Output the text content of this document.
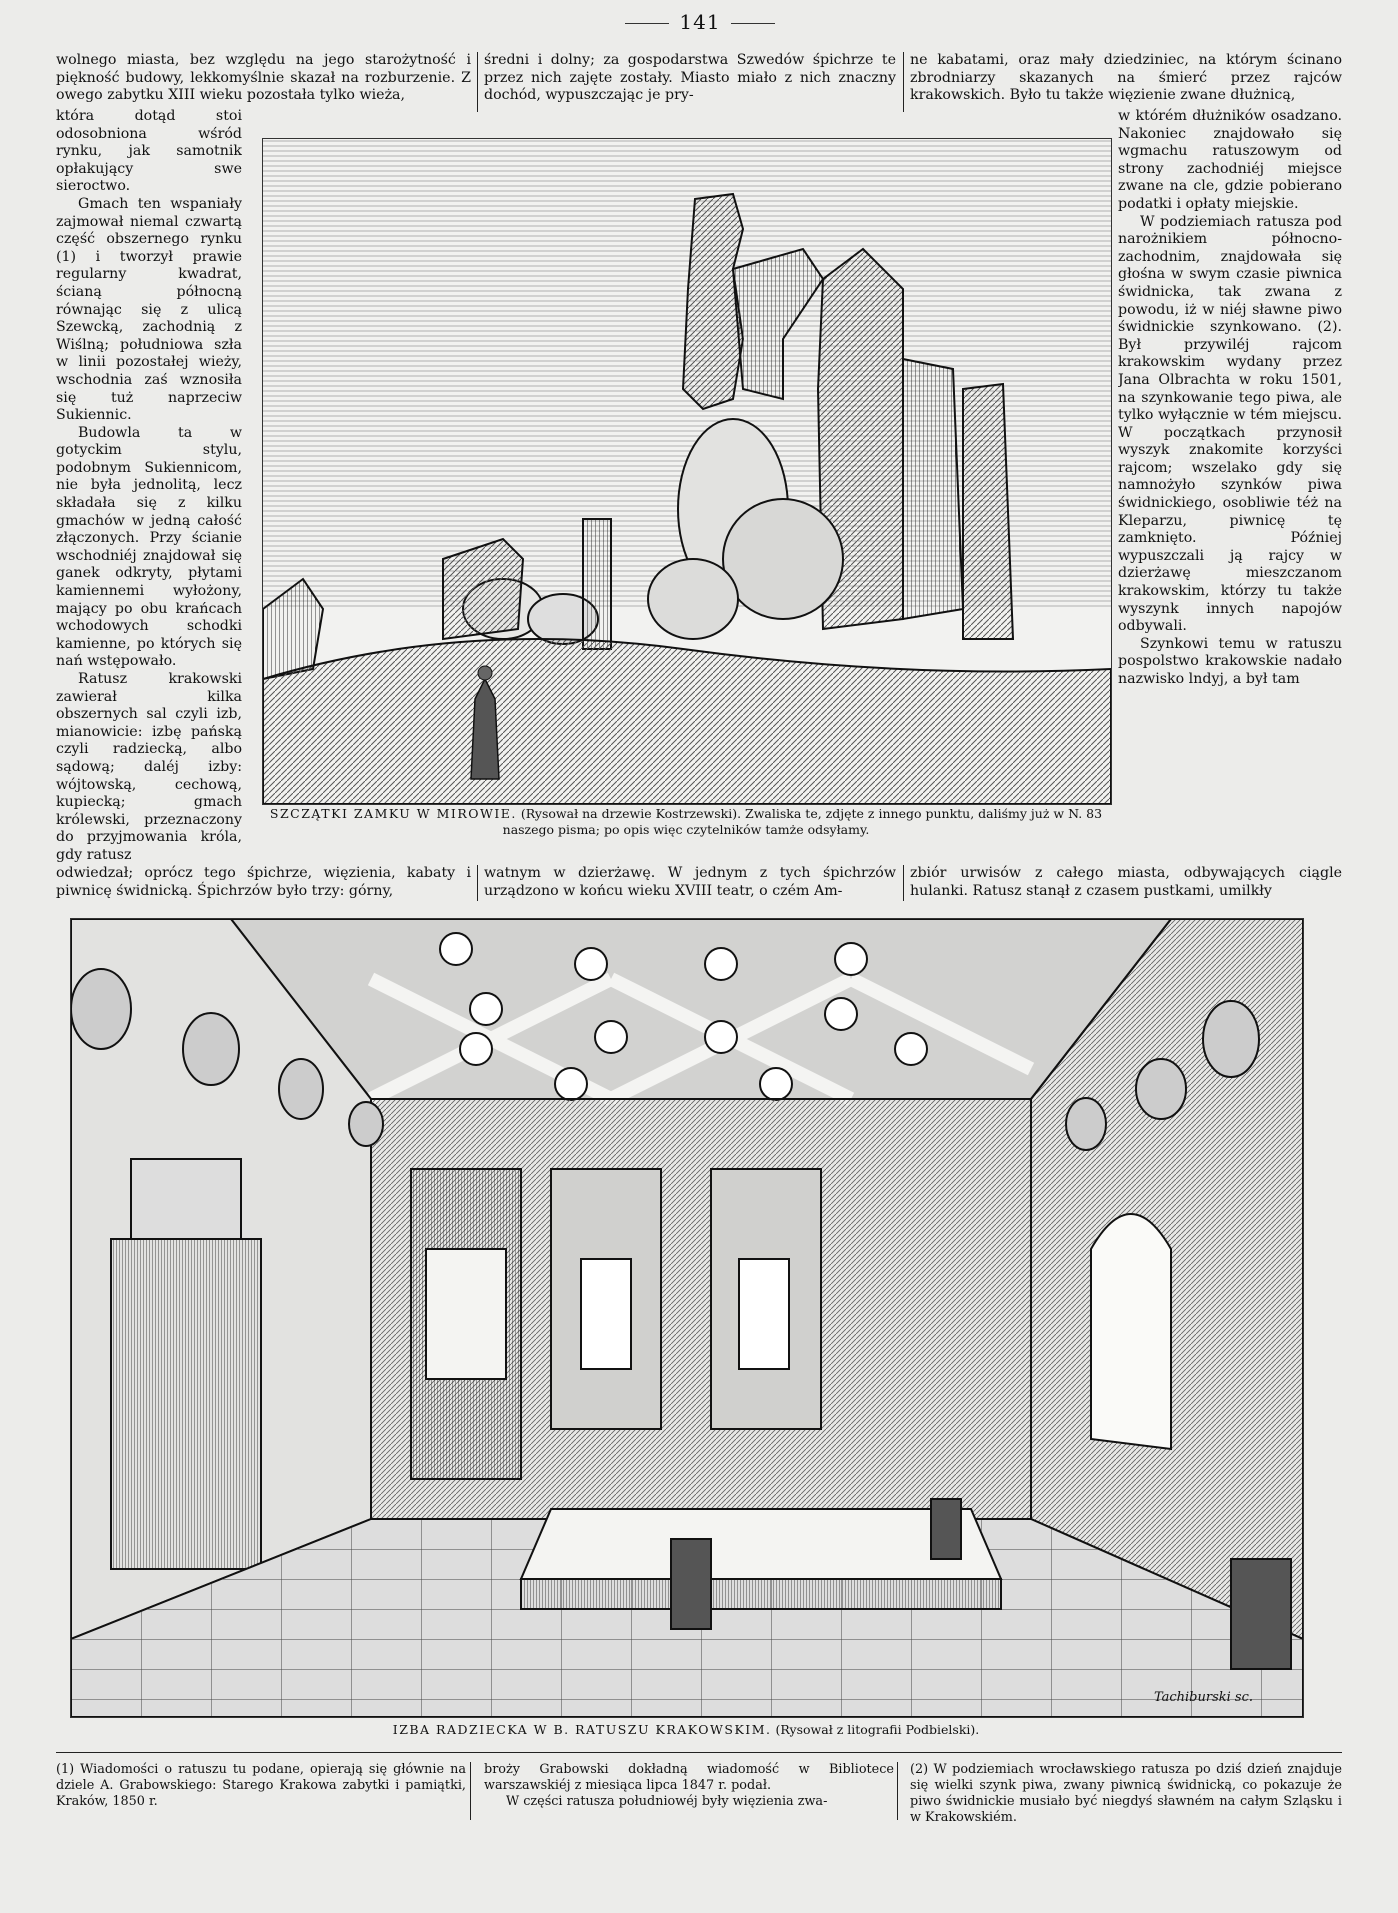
141

wolnego miasta, bez względu na jego starożytność i piękność budowy, lekkomyślnie skazał na rozburzenie. Z owego zabytku XIII wieku pozostała tylko wieża,

średni i dolny; za gospodarstwa Szwedów śpichrze te przez nich zajęte zostały. Miasto miało z nich znaczny dochód, wypuszczając je pry-

ne kabatami, oraz mały dziedziniec, na którym ścinano zbrodniarzy skazanych na śmierć przez rajców krakowskich. Było tu także więzienie zwane dłużnicą,

która dotąd stoi odosobniona wśród rynku, jak samotnik opłakujący swe sieroctwo.

Gmach ten wspaniały zajmował niemal czwartą część obszernego rynku (1) i tworzył prawie regularny kwadrat, ścianą północną równając się z ulicą Szewcką, zachodnią z Wiślną; południowa szła w linii pozostałej wieży, wschodnia zaś wznosiła się tuż naprzeciw Sukiennic.

Budowla ta w gotyckim stylu, podobnym Sukiennicom, nie była jednolitą, lecz składała się z kilku gmachów w jedną całość złączonych. Przy ścianie wschodniéj znajdował się ganek odkryty, płytami kamiennemi wyłożony, mający po obu krańcach wchodowych schodki kamienne, po których się nań wstępowało.

Ratusz krakowski zawierał kilka obszernych sal czyli izb, mianowicie: izbę pańską czyli radziecką, albo sądową; daléj izby: wójtowską, cechową, kupiecką; gmach królewski, przeznaczony do przyjmowania króla, gdy ratusz

w którém dłużników osadzano. Nakoniec znajdowało się wgmachu ratuszowym od strony zachodniéj miejsce zwane na cle, gdzie pobierano podatki i opłaty miejskie.

W podziemiach ratusza pod narożnikiem północno-zachodnim, znajdowała się głośna w swym czasie piwnica świdnicka, tak zwana z powodu, iż w niéj sławne piwo świdnickie szynkowano. (2). Był przywiléj rajcom krakowskim wydany przez Jana Olbrachta w roku 1501, na szynkowanie tego piwa, ale tylko wyłącznie w tém miejscu. W początkach przynosił wyszyk znakomite korzyści rajcom; wszelako gdy się namnożyło szynków piwa świdnickiego, osobliwie téż na Kleparzu, piwnicę tę zamknięto. Później wypuszczali ją rajcy w dzierżawę mieszczanom krakowskim, którzy tu także wyszynk innych napojów odbywali.

Szynkowi temu w ratuszu pospolstwo krakowskie nadało nazwisko lndyj, a był tam

SZCZĄTKI ZAMKU W MIROWIE. (Rysował na drzewie Kostrzewski). Zwaliska te, zdjęte z innego punktu, daliśmy już w N. 83 naszego pisma; po opis więc czytelników tamże odsyłamy.

odwiedzał; oprócz tego śpichrze, więzienia, kabaty i piwnicę świdnicką. Śpichrzów było trzy: górny,

watnym w dzierżawę. W jednym z tych śpichrzów urządzono w końcu wieku XVIII teatr, o czém Am-

zbiór urwisów z całego miasta, odbywających ciągle hulanki. Ratusz stanął z czasem pustkami, umilkły

Tachiburski sc.

IZBA RADZIECKA W B. RATUSZU KRAKOWSKIM. (Rysował z litografii Podbielski).

(1) Wiadomości o ratuszu tu podane, opierają się głównie na dziele A. Grabowskiego: Starego Krakowa zabytki i pamiątki, Kraków, 1850 r.

broży Grabowski dokładną wiadomość w Bibliotece warszawskiéj z miesiąca lipca 1847 r. podał.

W części ratusza południowéj były więzienia zwa-

(2) W podziemiach wrocławskiego ratusza po dziś dzień znajduje się wielki szynk piwa, zwany piwnicą świdnicką, co pokazuje że piwo świdnickie musiało być niegdyś sławném na całym Szląsku i w Krakowskiém.
